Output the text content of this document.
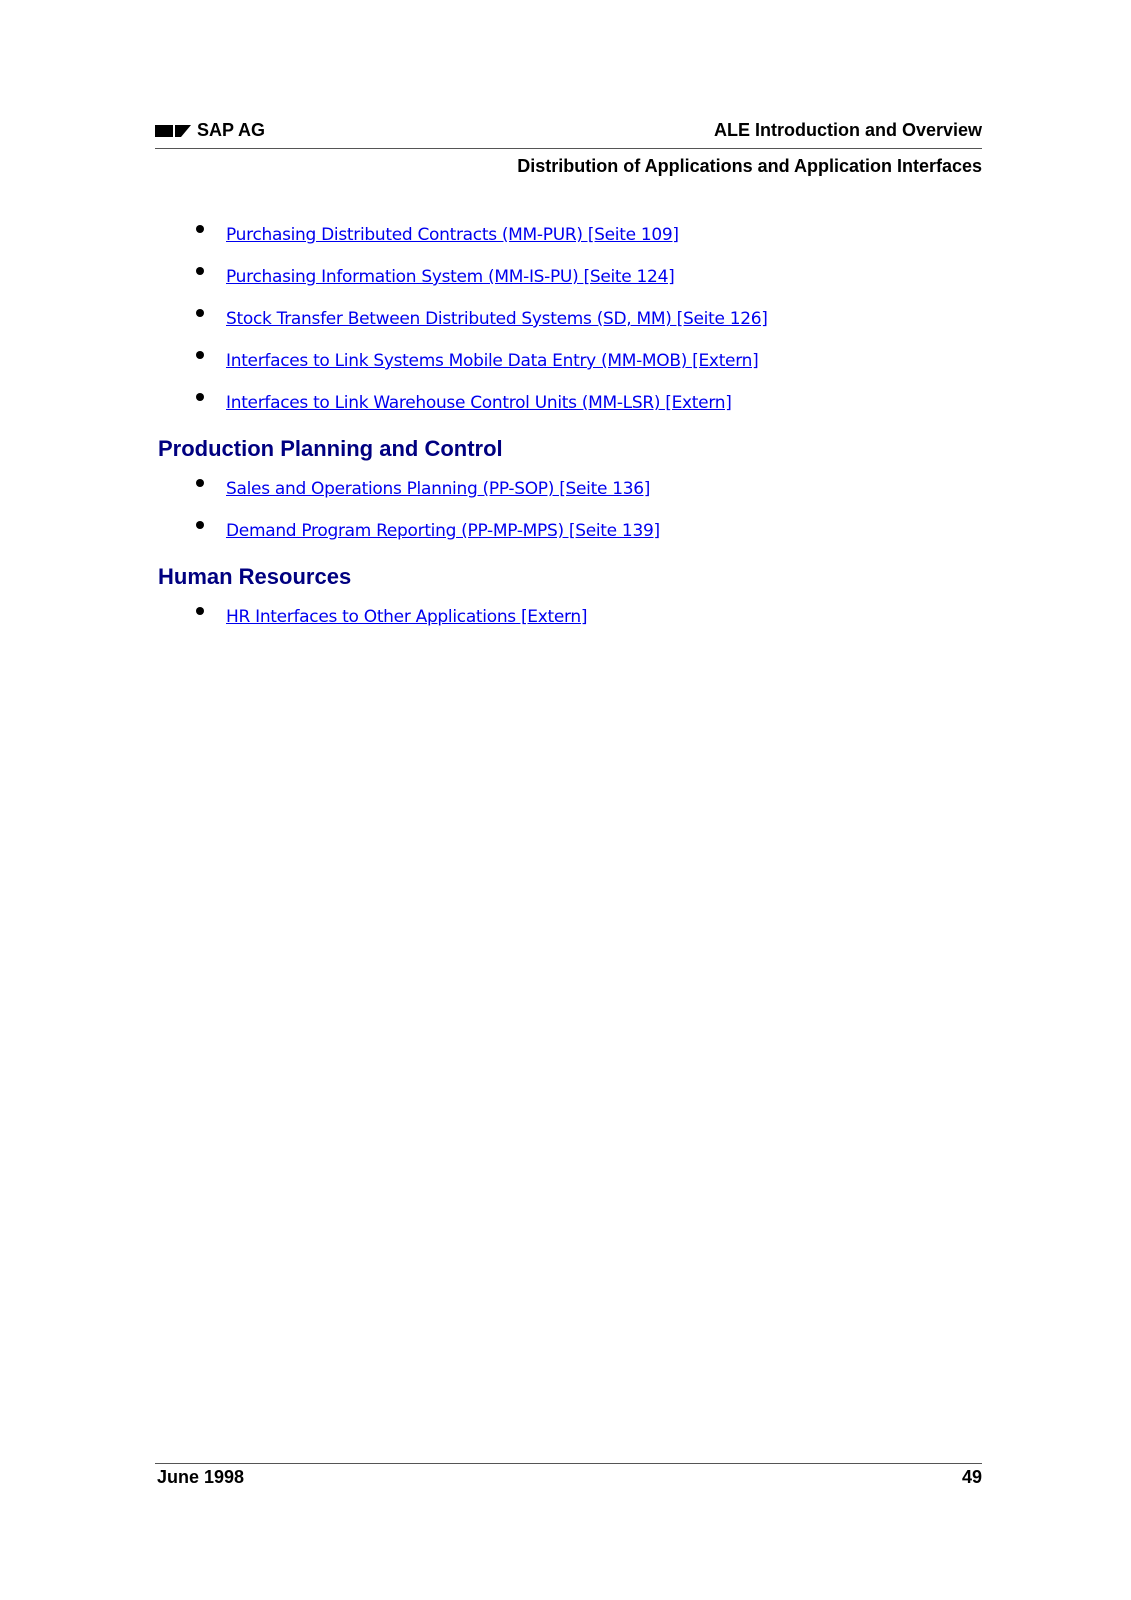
SAP AG	ALE Introduction and Overview
Distribution of Applications and Application Interfaces
Purchasing Distributed Contracts (MM-PUR) [Seite 109]
Purchasing Information System (MM-IS-PU) [Seite 124]
Stock Transfer Between Distributed Systems (SD, MM) [Seite 126]
Interfaces to Link Systems Mobile Data Entry (MM-MOB) [Extern]
Interfaces to Link Warehouse Control Units (MM-LSR) [Extern]
Production Planning and Control
Sales and Operations Planning (PP-SOP) [Seite 136]
Demand Program Reporting (PP-MP-MPS) [Seite 139]
Human Resources
HR Interfaces to Other Applications [Extern]
June 1998	49
